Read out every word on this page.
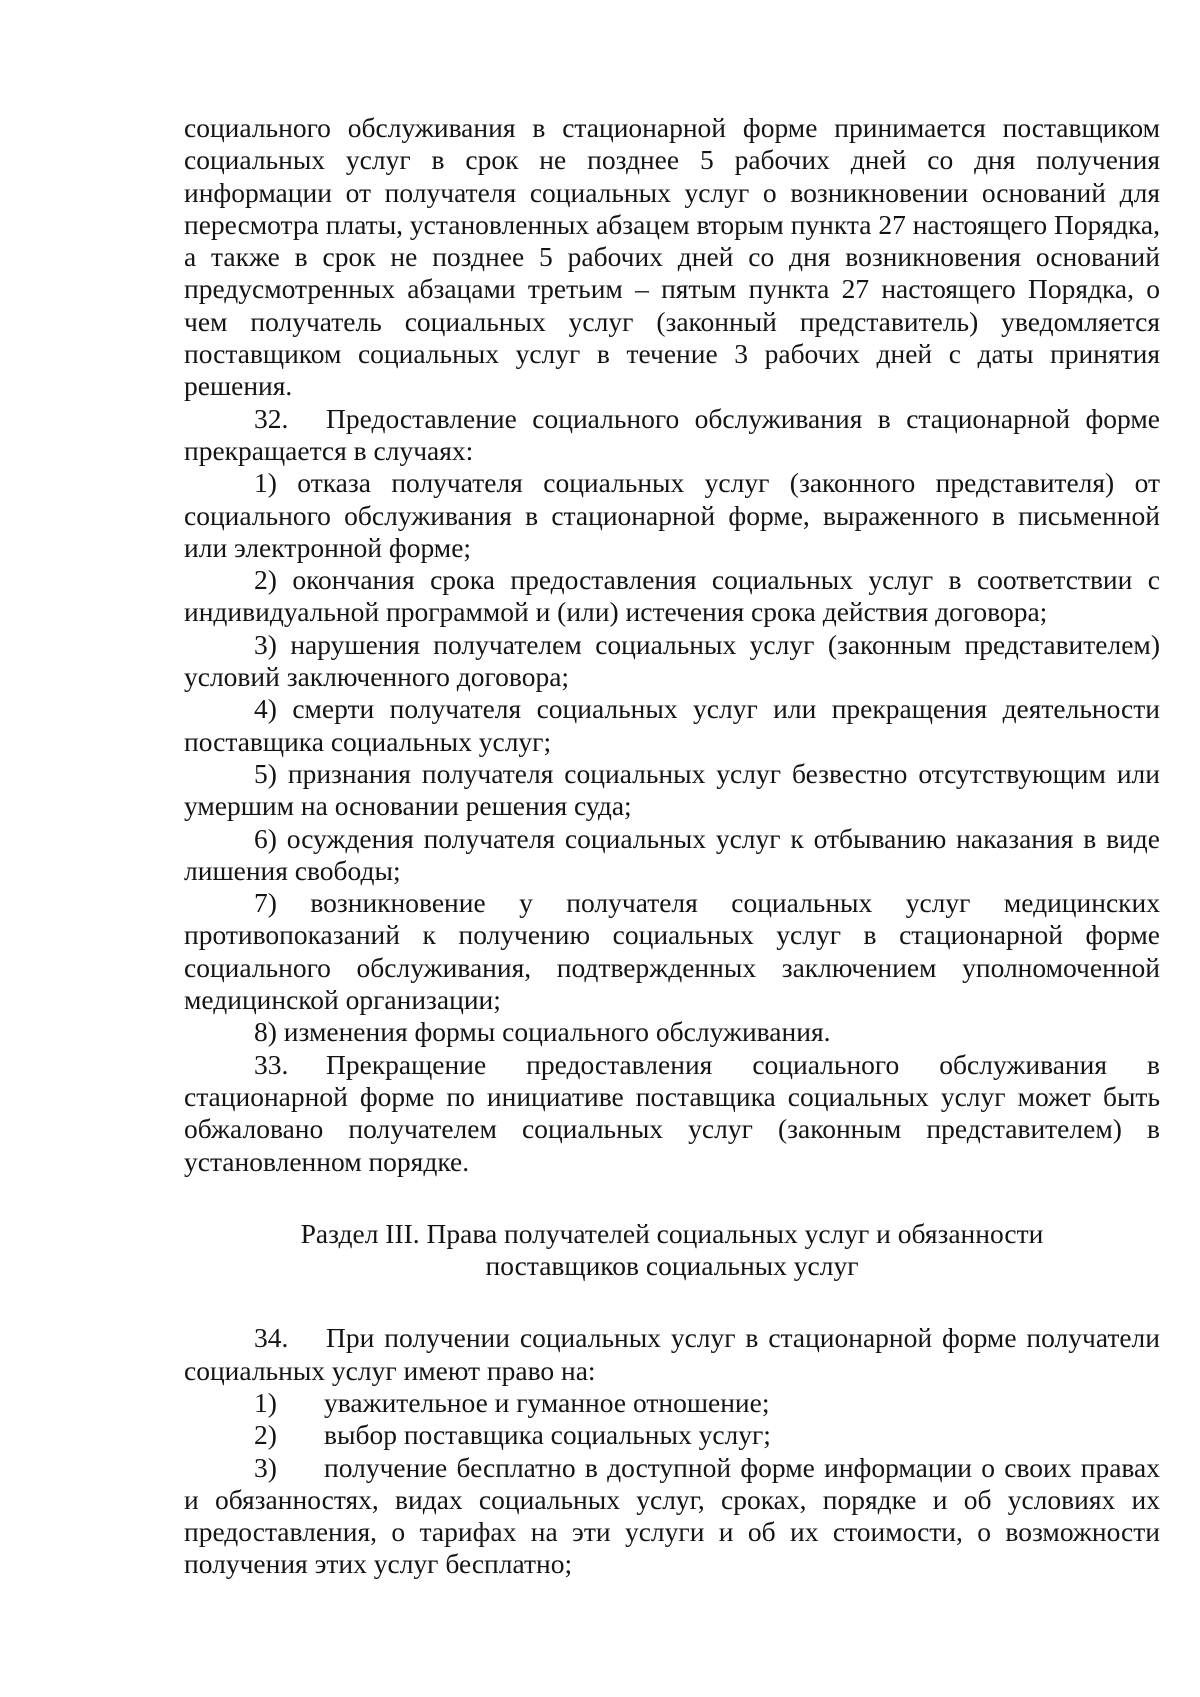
социального обслуживания в стационарной форме принимается поставщиком социальных услуг в срок не позднее 5 рабочих дней со дня получения информации от получателя социальных услуг о возникновении оснований для пересмотра платы, установленных абзацем вторым пункта 27 настоящего Порядка, а также в срок не позднее 5 рабочих дней со дня возникновения оснований предусмотренных абзацами третьим – пятым пункта 27 настоящего Порядка, о чем получатель социальных услуг (законный представитель) уведомляется поставщиком социальных услуг в течение 3 рабочих дней с даты принятия решения.

32. Предоставление социального обслуживания в стационарной форме прекращается в случаях:

1) отказа получателя социальных услуг (законного представителя) от социального обслуживания в стационарной форме, выраженного в письменной или электронной форме;

2) окончания срока предоставления социальных услуг в соответствии с индивидуальной программой и (или) истечения срока действия договора;

3) нарушения получателем социальных услуг (законным представителем) условий заключенного договора;

4) смерти получателя социальных услуг или прекращения деятельности поставщика социальных услуг;

5) признания получателя социальных услуг безвестно отсутствующим или умершим на основании решения суда;

6) осуждения получателя социальных услуг к отбыванию наказания в виде лишения свободы;

7) возникновение у получателя социальных услуг медицинских противопоказаний к получению социальных услуг в стационарной форме социального обслуживания, подтвержденных заключением уполномоченной медицинской организации;

8) изменения формы социального обслуживания.

33. Прекращение предоставления социального обслуживания в стационарной форме по инициативе поставщика социальных услуг может быть обжаловано получателем социальных услуг (законным представителем) в установленном порядке.

Раздел III. Права получателей социальных услуг и обязанности
поставщиков социальных услуг

34. При получении социальных услуг в стационарной форме получатели социальных услуг имеют право на:

1) уважительное и гуманное отношение;

2) выбор поставщика социальных услуг;

3) получение бесплатно в доступной форме информации о своих правах и обязанностях, видах социальных услуг, сроках, порядке и об условиях их предоставления, о тарифах на эти услуги и об их стоимости, о возможности получения этих услуг бесплатно;
